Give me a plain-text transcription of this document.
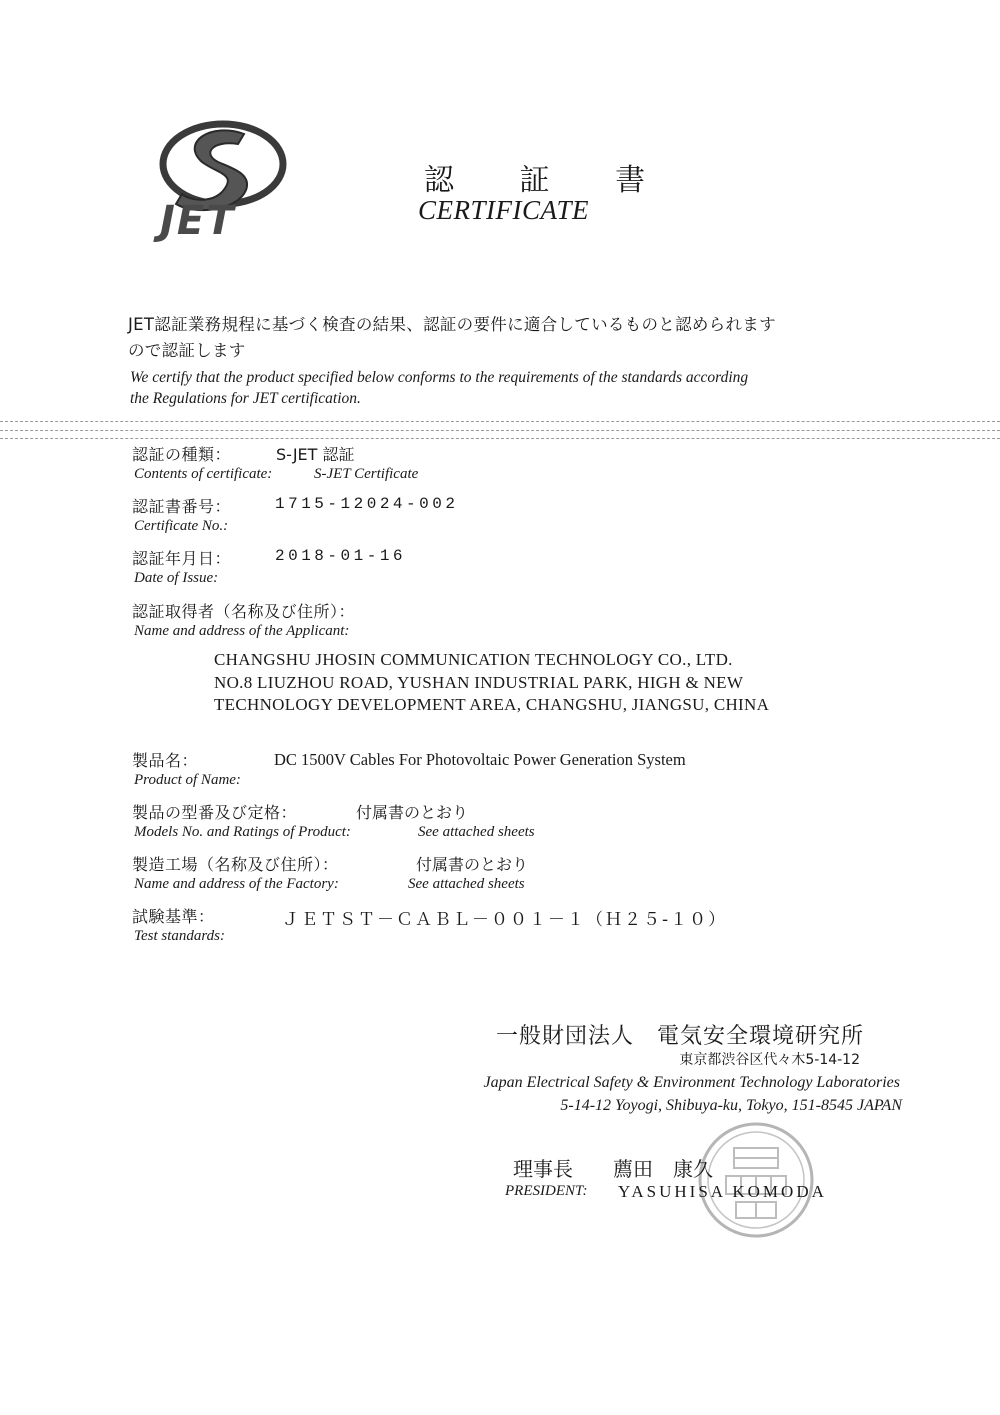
JET
認 証 書
CERTIFICATE
JET認証業務規程に基づく検査の結果、認証の要件に適合しているものと認められます
ので認証します
We certify that the product specified below conforms to the requirements of the standards according
the Regulations for JET certification.
認証の種類：	S-JET 認証
Contents of certificate:	S-JET Certificate
認証書番号：	1715-12024-002
Certificate No.:
認証年月日：	2018-01-16
Date of Issue:
認証取得者（名称及び住所）：
Name and address of the Applicant:
CHANGSHU JHOSIN COMMUNICATION TECHNOLOGY CO., LTD.
NO.8 LIUZHOU ROAD, YUSHAN INDUSTRIAL PARK, HIGH & NEW
TECHNOLOGY DEVELOPMENT AREA, CHANGSHU, JIANGSU, CHINA
製品名：	DC 1500V Cables For Photovoltaic Power Generation System
Product of Name:
製品の型番及び定格：	付属書のとおり
Models No. and Ratings of Product:	See attached sheets
製造工場（名称及び住所）：	付属書のとおり
Name and address of the Factory:	See attached sheets
試験基準：	ＪＥＴＳＴ－ＣＡＢＬ－００１－１（Ｈ２５-１０）
Test standards:
一般財団法人　電気安全環境研究所
東京都渋谷区代々木5-14-12
Japan Electrical Safety & Environment Technology Laboratories
5-14-12 Yoyogi, Shibuya-ku, Tokyo, 151-8545 JAPAN
理事長　　薦田　康久
PRESIDENT: YASUHISA KOMODA
